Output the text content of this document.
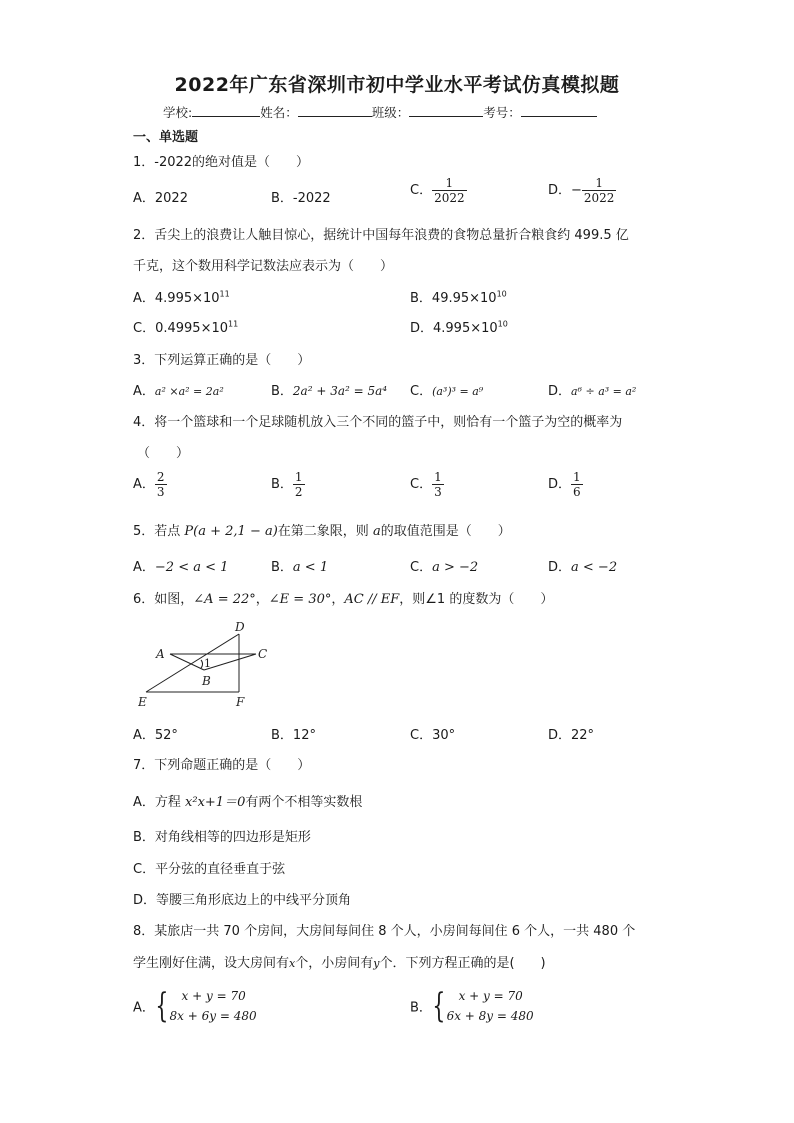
2022年广东省深圳市初中学业水平考试仿真模拟题
学校:	姓名：	班级：	考号：
一、单选题
1．-2022的绝对值是（　　）
A．2022	B．-2022
C． $\frac{1}{2022}$	D．− $\frac{1}{2022}$
2．舌尖上的浪费让人触目惊心，据统计中国每年浪费的食物总量折合粮食约 499.5 亿
千克，这个数用科学记数法应表示为（　　）
A．$4.995\times 10^{11}$	B．$49.95\times 10^{10}$
C．$0.4995\times 10^{11}$	D．$4.995\times 10^{10}$
3．下列运算正确的是（　　）
A．a² ×a² = 2a²	B．2a² + 3a² = 5a⁴ C．(a³)³ = a⁹	D．a⁶ ÷ a³ = a²
4．将一个篮球和一个足球随机放入三个不同的篮子中，则恰有一个篮子为空的概率为
（　　）
A． $\frac{2}{3}$	B． $\frac{1}{2}$	C． $\frac{1}{3}$	D． $\frac{1}{6}$
5．若点 P(a + 2,1 − a)在第二象限，则 a的取值范围是（　　）
A．−2 < a < 1	B．a < 1	C．a > −2	D．a < −2
6．如图，∠A = 22°，∠E = 30°，AC // EF，则∠1 的度数为（　　）
D
A	C
B
E	F
1
A．52°	B．12°	C．30°	D．22°
7．下列命题正确的是（　　）
A．方程 x²x+1＝0有两个不相等实数根
B．对角线相等的四边形是矩形
C．平分弦的直径垂直于弦
D．等腰三角形底边上的中线平分顶角
8．某旅店一共 70 个房间，大房间每间住 8 个人，小房间每间住 6 个人，一共 480 个
学生刚好住满，设大房间有x个，小房间有y个．下列方程正确的是(　　)
A．{	x + y = 70
8x + 6y = 480
B．{	x + y = 70
6x + 8y = 480
